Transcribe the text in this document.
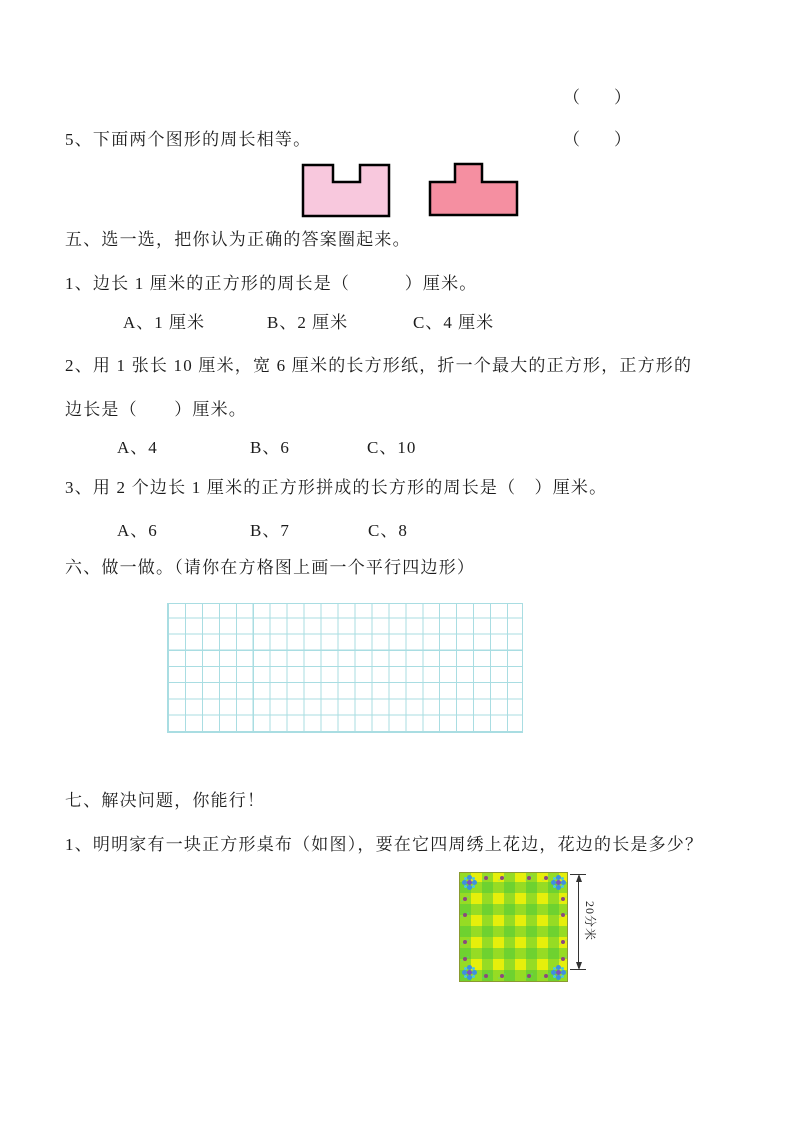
（　　）
5、下面两个图形的周长相等。	（　　）
五、选一选，把你认为正确的答案圈起来。
1、边长 1 厘米的正方形的周长是（　　　）厘米。
A、1 厘米	B、2 厘米	C、4 厘米
2、用 1 张长 10 厘米，宽 6 厘米的长方形纸，折一个最大的正方形，正方形的
边长是（　　）厘米。
A、4	B、6	C、10
3、用 2 个边长 1 厘米的正方形拼成的长方形的周长是（　）厘米。
A、6	B、7	C、8
六、做一做。（请你在方格图上画一个平行四边形）
七、解决问题，你能行！
1、明明家有一块正方形桌布（如图），要在它四周绣上花边，花边的长是多少？
20分米
